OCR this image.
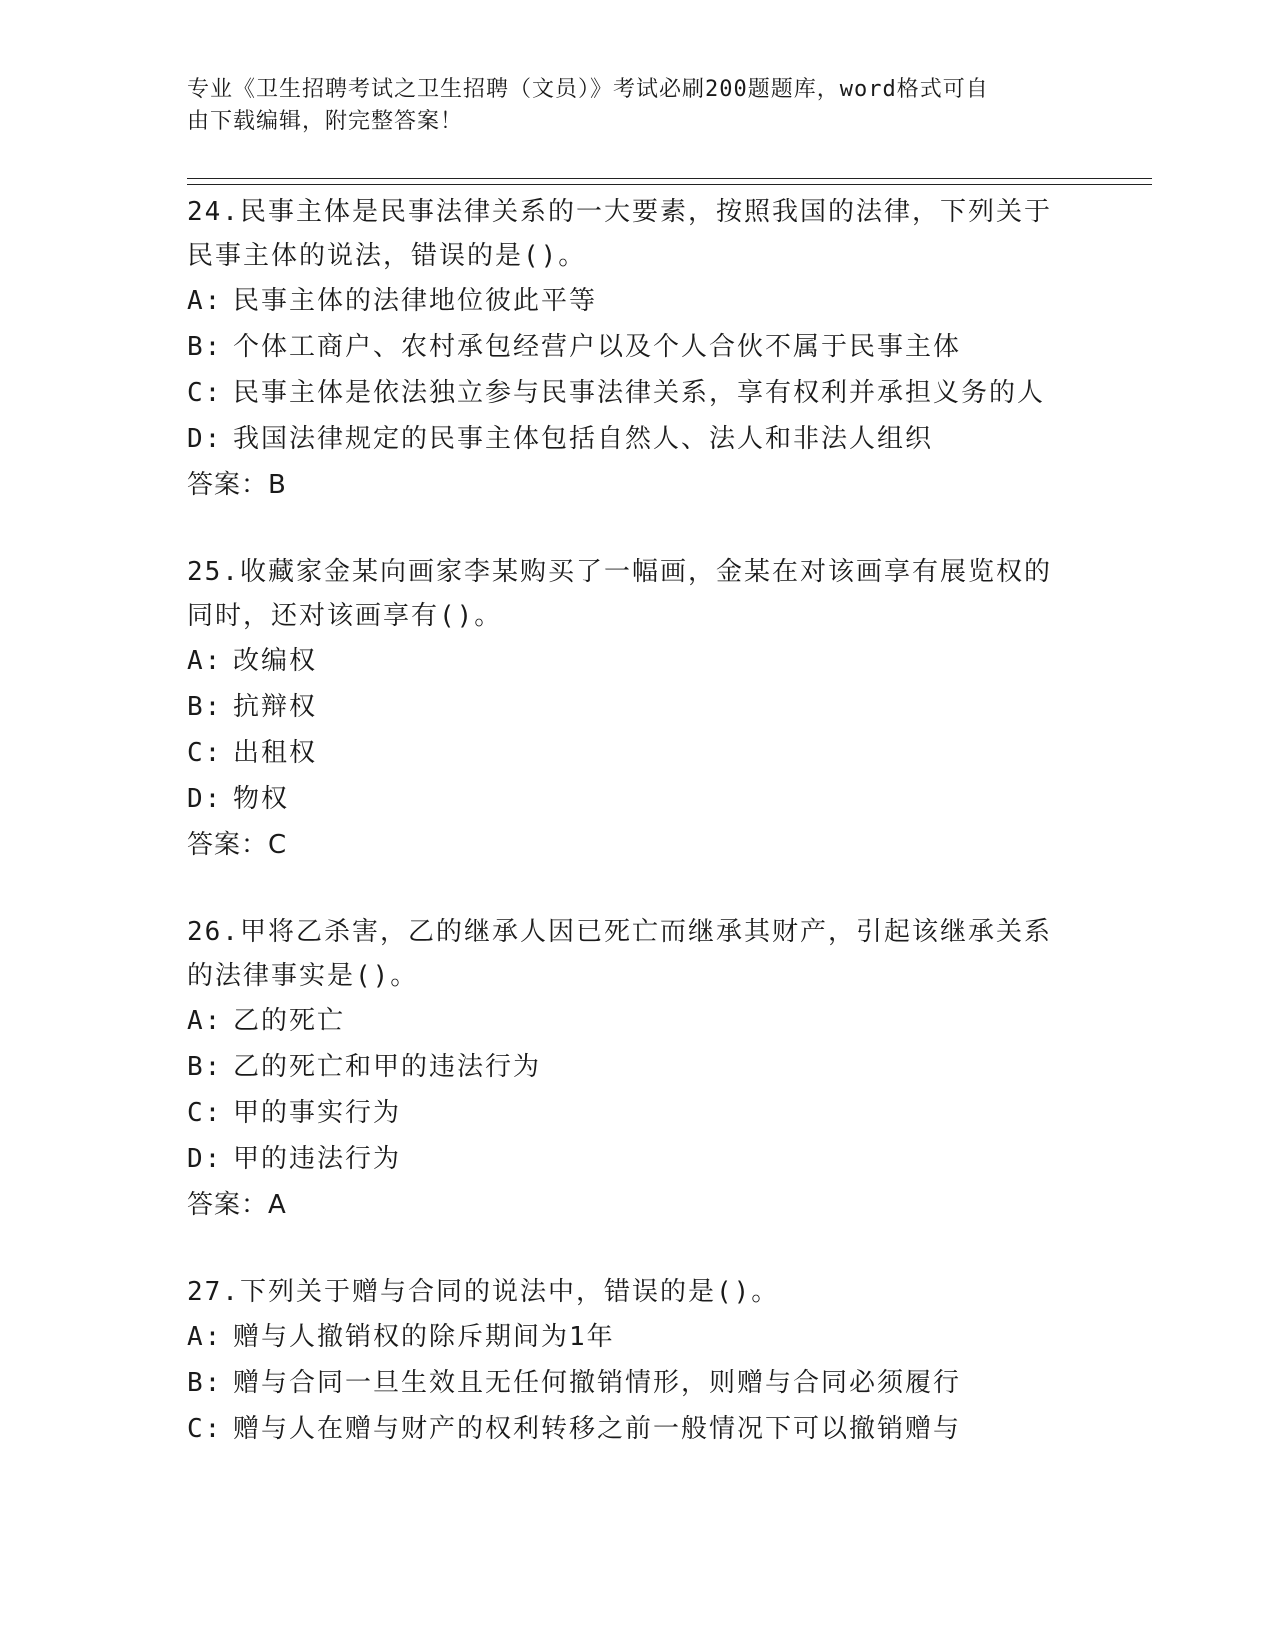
专业《卫生招聘考试之卫生招聘（文员）》考试必刷200题题库，word格式可自
由下载编辑，附完整答案！

24.民事主体是民事法律关系的一大要素，按照我国的法律，下列关于
民事主体的说法，错误的是()。

A: 民事主体的法律地位彼此平等

B: 个体工商户、农村承包经营户以及个人合伙不属于民事主体

C: 民事主体是依法独立参与民事法律关系，享有权利并承担义务的人

D: 我国法律规定的民事主体包括自然人、法人和非法人组织

答案：B

25.收藏家金某向画家李某购买了一幅画，金某在对该画享有展览权的
同时，还对该画享有()。

A: 改编权

B: 抗辩权

C: 出租权

D: 物权

答案：C

26.甲将乙杀害，乙的继承人因已死亡而继承其财产，引起该继承关系
的法律事实是()。

A: 乙的死亡

B: 乙的死亡和甲的违法行为

C: 甲的事实行为

D: 甲的违法行为

答案：A

27.下列关于赠与合同的说法中，错误的是()。

A: 赠与人撤销权的除斥期间为1年

B: 赠与合同一旦生效且无任何撤销情形，则赠与合同必须履行

C: 赠与人在赠与财产的权利转移之前一般情况下可以撤销赠与
